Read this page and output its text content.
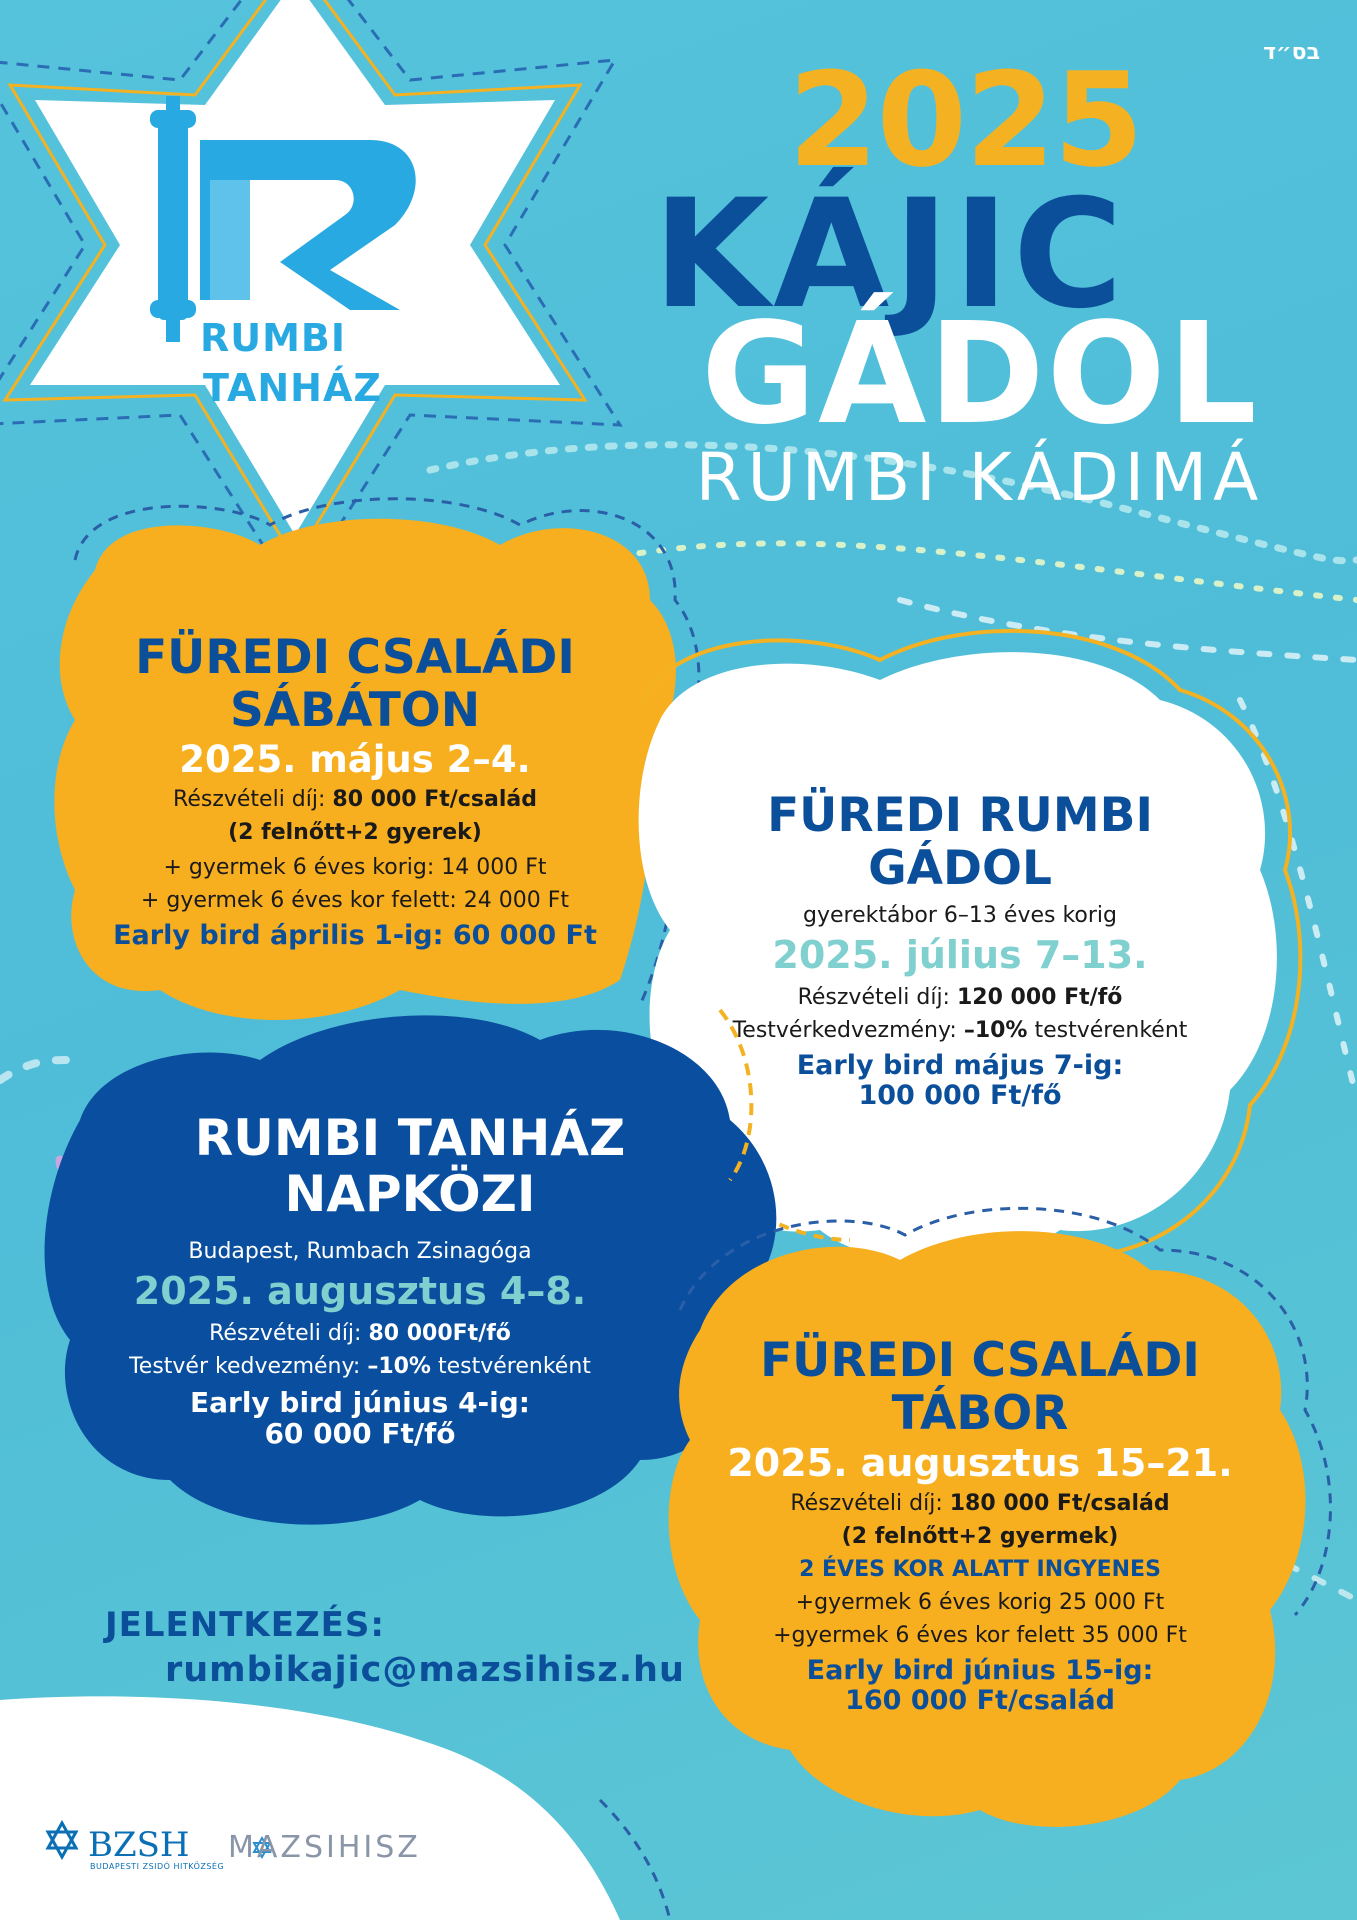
בס״ד
RUMBI
TANHÁZ
2025
KÁJIC
GÁDOL
RUMBI KÁDIMÁ
FÜREDI CSALÁDI
SÁBÁTON
2025. május 2–4.
Részvételi díj: 80 000 Ft/család
(2 felnőtt+2 gyerek)
+ gyermek 6 éves korig: 14 000 Ft
+ gyermek 6 éves kor felett: 24 000 Ft
Early bird április 1-ig: 60 000 Ft
FÜREDI RUMBI
GÁDOL
gyerektábor 6–13 éves korig
2025. július 7–13.
Részvételi díj: 120 000 Ft/fő
Testvérkedvezmény: –10% testvérenként
Early bird május 7-ig:
100 000 Ft/fő
RUMBI TANHÁZ
NAPKÖZI
Budapest, Rumbach Zsinagóga
2025. augusztus 4–8.
Részvételi díj: 80 000Ft/fő
Testvér kedvezmény: –10% testvérenként
Early bird június 4-ig:
60 000 Ft/fő
FÜREDI CSALÁDI
TÁBOR
2025. augusztus 15–21.
Részvételi díj: 180 000 Ft/család
(2 felnőtt+2 gyermek)
2 ÉVES KOR ALATT INGYENES
+gyermek 6 éves korig 25 000 Ft
+gyermek 6 éves kor felett 35 000 Ft
Early bird június 15-ig:
160 000 Ft/család
JELENTKEZÉS:
rumbikajic@mazsihisz.hu
BZSH
BUDAPESTI ZSIDÓ HITKÖZSÉG
MAZSIHISZ
